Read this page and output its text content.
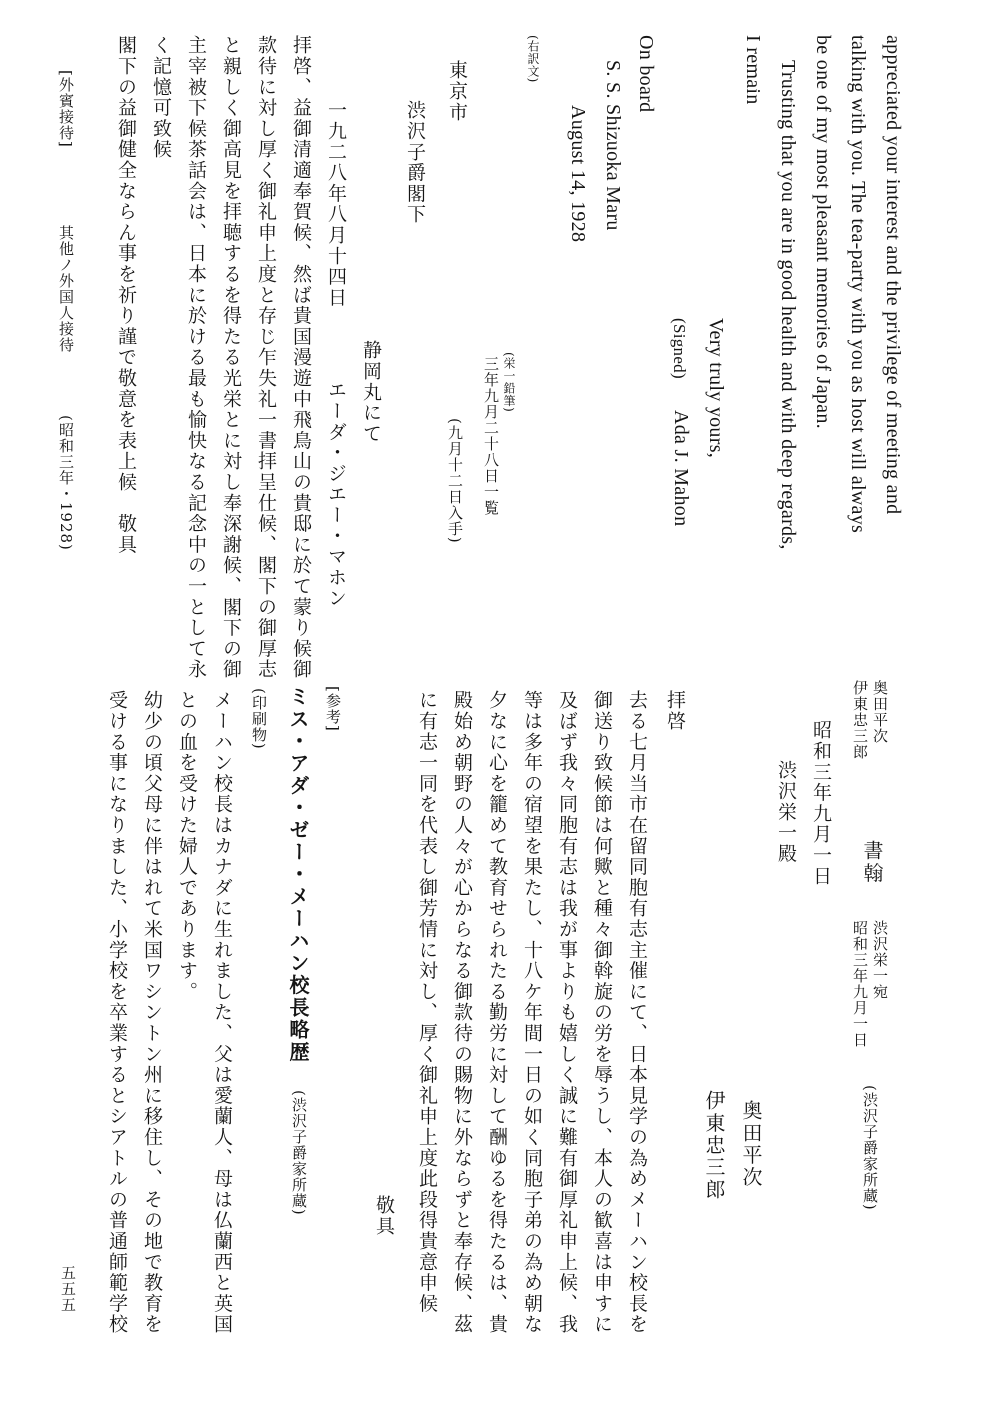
appreciated your interest and the privilege of meeting and
talking with you. The tea-party with you as host will always
be one of my most pleasant memories of Japan.
Trusting that you are in good health and with deep regards,
I remain
Very truly yours,
(Signed)
Ada J. Mahon
On board
S. S. Shizuoka Maru
August 14, 1928
(右訳文)
東京市
渋沢子爵閣下
(栄一鉛筆)
三年九月二十八日一覧
(九月十二日入手)
静岡丸にて
一九二八年八月十四日
エーダ・ジエー・マホン
拝啓、益御清適奉賀候、然ば貴国漫遊中飛鳥山の貴邸に於て蒙り候御
款待に対し厚く御礼申上度と存じ乍失礼一書拝呈仕候、閣下の御厚志
と親しく御高見を拝聴するを得たる光栄とに対し奉深謝候、閣下の御
主宰被下候茶話会は、日本に於ける最も愉快なる記念中の一として永
く記憶可致候
閣下の益御健全ならん事を祈り謹で敬意を表上候　敬具
[外賓接待]
其他ノ外国人接待
(昭和三年・1928)
奥田平次
伊東忠三郎
書翰
渋沢栄一宛
昭和三年九月一日
(渋沢子爵家所蔵)
昭和三年九月一日
渋沢栄一殿
奥田平次
伊東忠三郎
拝啓
去る七月当市在留同胞有志主催にて、日本見学の為めメーハン校長を
御送り致候節は何歟と種々御斡旋の労を辱うし、本人の歓喜は申すに
及ばず我々同胞有志は我が事よりも嬉しく誠に難有御厚礼申上候、我
等は多年の宿望を果たし、十八ケ年間一日の如く同胞子弟の為め朝な
夕なに心を籠めて教育せられたる勤労に対して酬ゆるを得たるは、貴
殿始め朝野の人々が心からなる御款待の賜物に外ならずと奉存候、茲
に有志一同を代表し御芳情に対し、厚く御礼申上度此段得貴意申候
敬具
[参考]
ミス・アダ・ゼー・メーハン校長略歴
(渋沢子爵家所蔵)
(印刷物)
メーハン校長はカナダに生れました、父は愛蘭人、母は仏蘭西と英国
との血を受けた婦人であります。
幼少の頃父母に伴はれて米国ワシントン州に移住し、その地で教育を
受ける事になりました、小学校を卒業するとシアトルの普通師範学校
五五五
